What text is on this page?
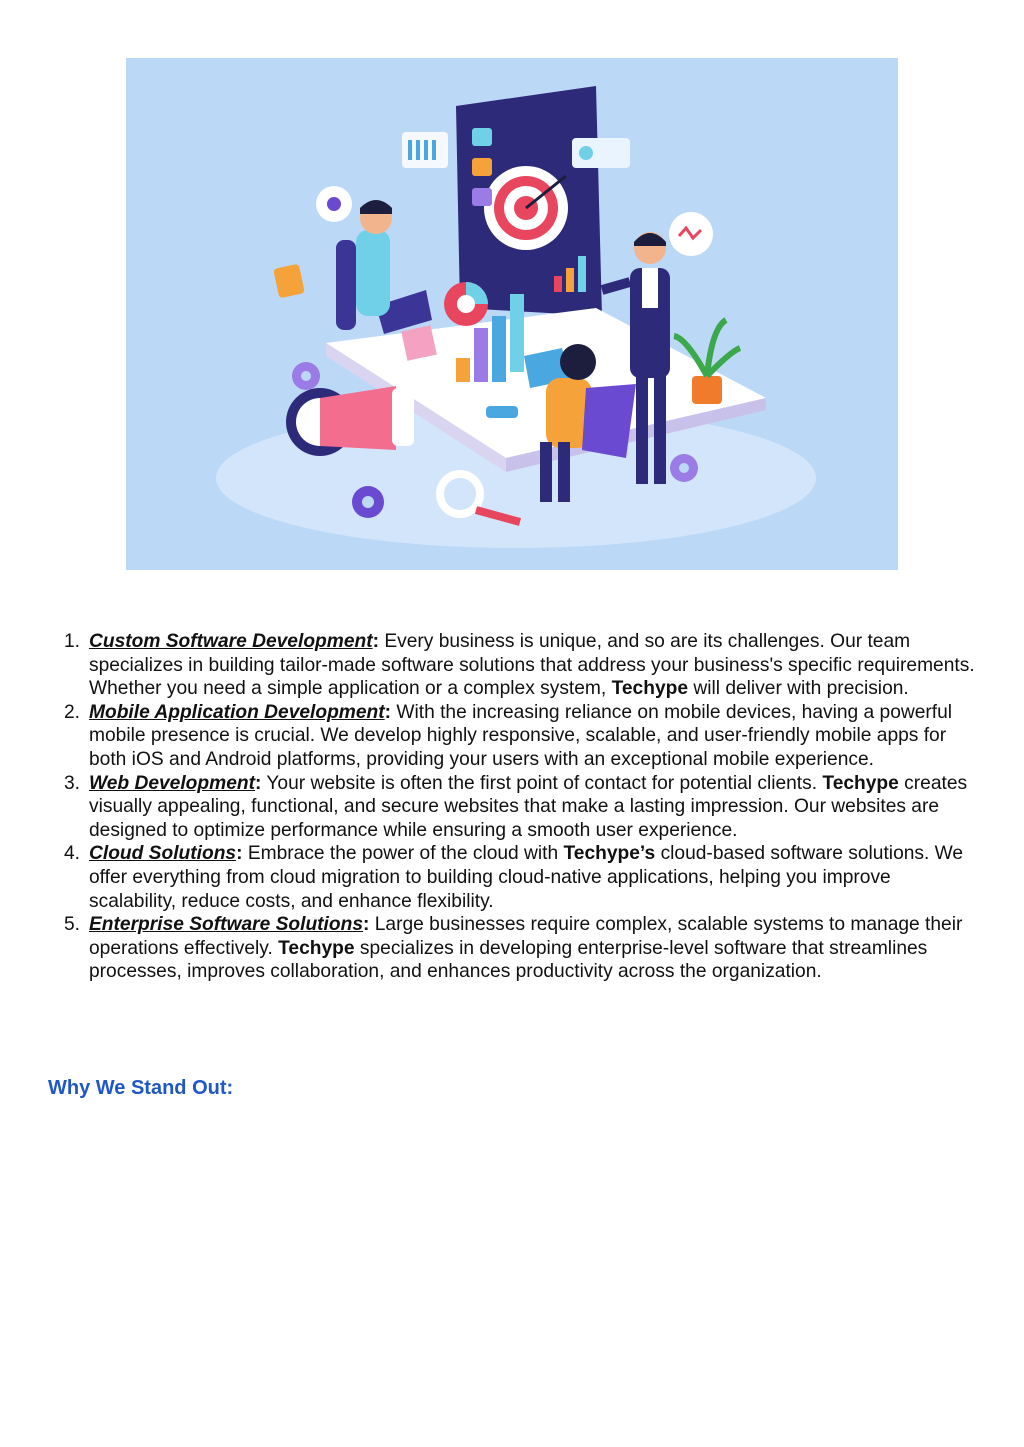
1. Custom Software Development: Every business is unique, and so are its challenges. Our team specializes in building tailor-made software solutions that address your business's specific requirements. Whether you need a simple application or a complex system, Techype will deliver with precision.
2. Mobile Application Development: With the increasing reliance on mobile devices, having a powerful mobile presence is crucial. We develop highly responsive, scalable, and user-friendly mobile apps for both iOS and Android platforms, providing your users with an exceptional mobile experience.
3. Web Development: Your website is often the first point of contact for potential clients. Techype creates visually appealing, functional, and secure websites that make a lasting impression. Our websites are designed to optimize performance while ensuring a smooth user experience.
4. Cloud Solutions: Embrace the power of the cloud with Techype’s cloud-based software solutions. We offer everything from cloud migration to building cloud-native applications, helping you improve scalability, reduce costs, and enhance flexibility.
5. Enterprise Software Solutions: Large businesses require complex, scalable systems to manage their operations effectively. Techype specializes in developing enterprise-level software that streamlines processes, improves collaboration, and enhances productivity across the organization.
Why We Stand Out:
